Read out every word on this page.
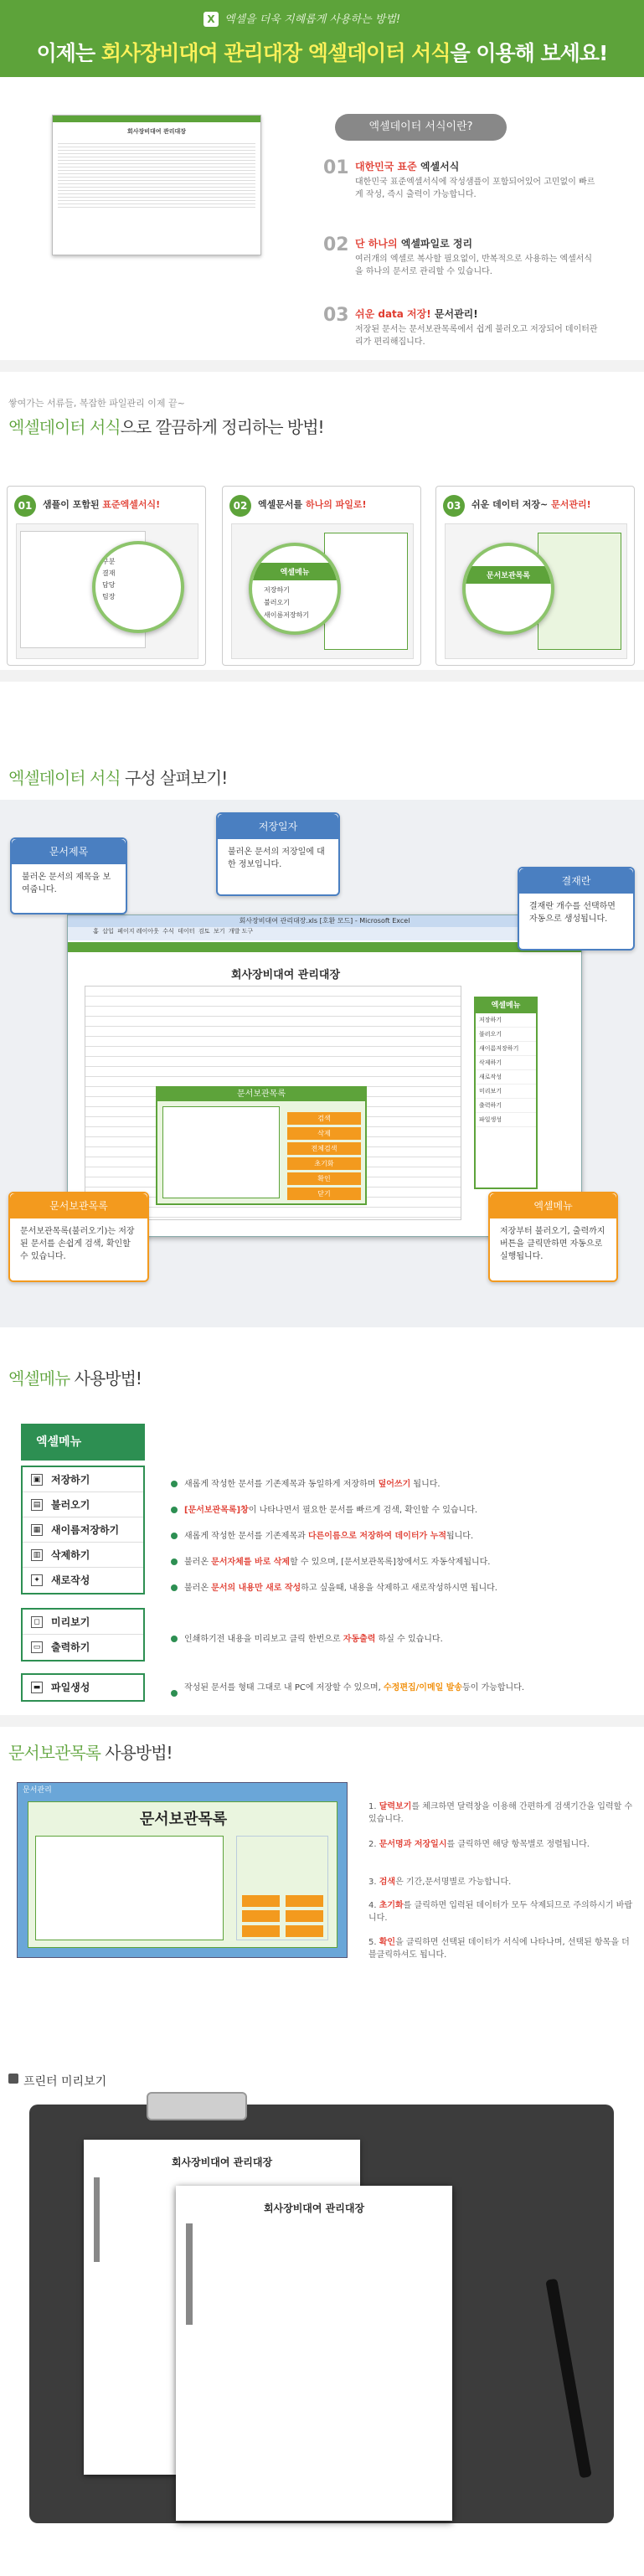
X 엑셀을 더욱 지혜롭게 사용하는 방법!
이제는 회사장비대여 관리대장 엑셀데이터 서식을 이용해 보세요!
회사장비대여 관리대장	엑셀데이터 서식이란?
01 대한민국 표준 엑셀서식
대한민국 표준엑셀서식에 작성샘플이 포함되어있어 고민없이 빠르게 작성, 즉시 출력이 가능합니다.
02 단 하나의 엑셀파일로 정리
여러개의 엑셀로 복사할 필요없이, 반복적으로 사용하는 엑셀서식을 하나의 문서로 관리할 수 있습니다.
03 쉬운 data 저장! 문서관리!
저장된 문서는 문서보관목록에서 쉽게 불러오고 저장되어 데이터관리가 편리해집니다.
쌓여가는 서류들, 복잡한 파일관리 이제 끝~
엑셀데이터 서식으로 깔끔하게 정리하는 방법!
01	샘플이 포함된 표준엑셀서식!
구분
결재
담당
팀장
02	엑셀문서를 하나의 파일로!
엑셀메뉴
저장하기
불러오기
새이름저장하기
03	쉬운 데이터 저장~ 문서관리!
문서보관목록
엑셀데이터 서식 구성 살펴보기!
회사장비대여 관리대장.xls [호환 모드] - Microsoft Excel
홈 삽입 페이지 레이아웃 수식 데이터 검토 보기 개발 도구
회사장비대여 관리대장
엑셀메뉴
저장하기
불러오기
새이름저장하기
삭제하기
새로작성
미리보기
출력하기
파일생성
문서보관목록
검색
삭제
전체검색
초기화
확인
닫기
문서제목
불러온 문서의 제목을 보여줍니다.
저장일자
불러온 문서의 저장일에 대한 정보입니다.
결재란
결재란 개수를 선택하면 자동으로 생성됩니다.
문서보관목록
문서보관목록(불러오기)는 저장된 문서를 손쉽게 검색, 확인할 수 있습니다.
엑셀메뉴
저장부터 불러오기, 출력까지 버튼을 클릭만하면 자동으로 실행됩니다.
엑셀메뉴 사용방법!
엑셀메뉴
▣ 저장하기
▤ 불러오기
▦ 새이름저장하기
▥ 삭제하기
✦ 새로작성
◻ 미리보기
▭ 출력하기
▬ 파일생성
새롭게 작성한 문서를 기존제목과 동일하게 저장하며 덮어쓰기 됩니다.
[문서보관목록]창이 나타나면서 필요한 문서를 빠르게 검색, 확인할 수 있습니다.
새롭게 작성한 문서를 기존제목과 다른이름으로 저장하여 데이터가 누적됩니다.
불러온 문서자체를 바로 삭제할 수 있으며, [문서보관목록]창에서도 자동삭제됩니다.
불러온 문서의 내용만 새로 작성하고 싶을때, 내용을 삭제하고 새로작성하시면 됩니다.
인쇄하기전 내용을 미리보고 클릭 한번으로 자동출력 하실 수 있습니다.
작성된 문서를 형태 그대로 내 PC에 저장할 수 있으며, 수정편집/이메일 발송등이 가능합니다.
문서보관목록 사용방법!
문서관리
문서보관목록
1. 달력보기를 체크하면 달력창을 이용해 간편하게 검색기간을 입력할 수 있습니다.
2. 문서명과 저장일시를 클릭하면 해당 항목별로 정렬됩니다.
3. 검색은 기간,문서명별로 가능합니다.
4. 초기화를 클릭하면 입력된 데이터가 모두 삭제되므로 주의하시기 바랍니다.
5. 확인을 클릭하면 선택된 데이터가 서식에 나타나며, 선택된 항목을 더블클릭하셔도 됩니다.
프린터 미리보기
회사장비대여 관리대장

회사장비대여 관리대장
